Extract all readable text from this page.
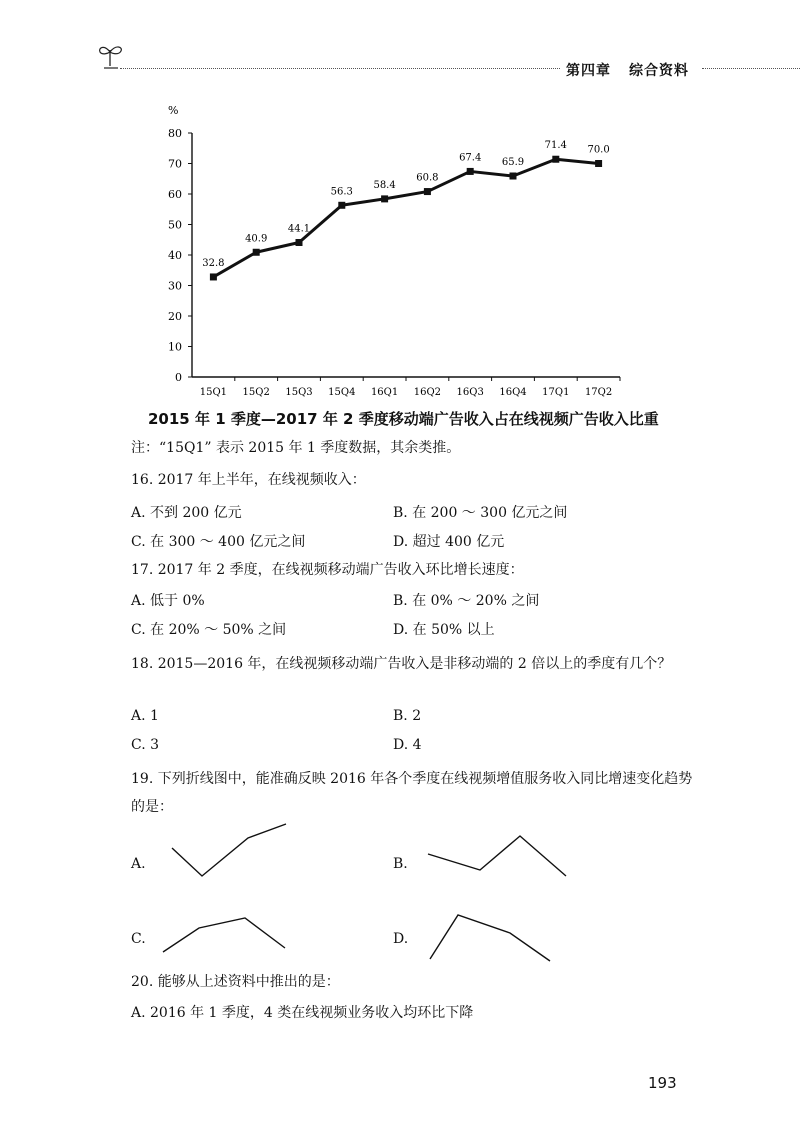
第四章 综合资料
%
0
10
20
30
40
50
60
70
80
15Q1 15Q2 15Q3 15Q4 16Q1 16Q2 16Q3 16Q4 17Q1 17Q2
32.8
40.9
44.1
56.3
58.4
60.8
67.4 65.9
71.4 70.0
2015 年 1 季度—2017 年 2 季度移动端广告收入占在线视频广告收入比重
注：“15Q1” 表示 2015 年 1 季度数据，其余类推。
16. 2017 年上半年，在线视频收入：
A. 不到 200 亿元	B. 在 200 ～ 300 亿元之间
C. 在 300 ～ 400 亿元之间	D. 超过 400 亿元
17. 2017 年 2 季度，在线视频移动端广告收入环比增长速度：
A. 低于 0%	B. 在 0% ～ 20% 之间
C. 在 20% ～ 50% 之间	D. 在 50% 以上
18. 2015—2016 年，在线视频移动端广告收入是非移动端的 2 倍以上的季度有几个？
A. 1	B. 2
C. 3	D. 4
19. 下列折线图中，能准确反映 2016 年各个季度在线视频增值服务收入同比增速变化趋势的是：
A.	B.
C.	D.
20. 能够从上述资料中推出的是：
A. 2016 年 1 季度，4 类在线视频业务收入均环比下降
193
